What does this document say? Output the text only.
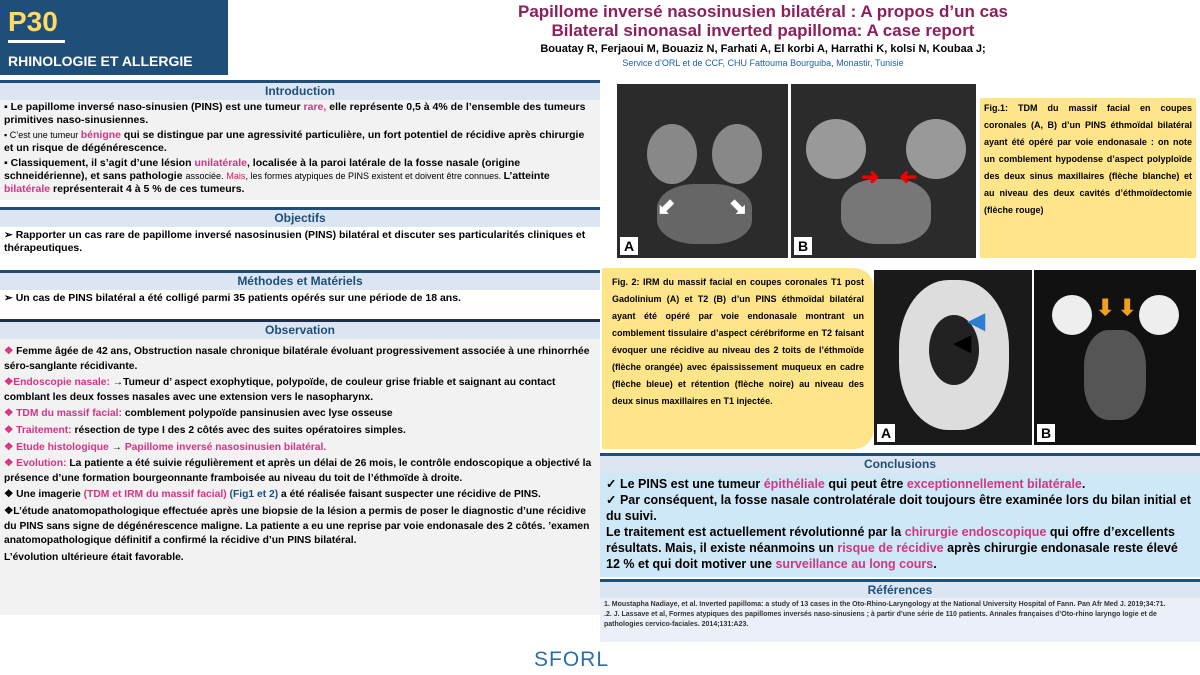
P30
RHINOLOGIE ET ALLERGIE
Papillome inversé nasosinusien bilatéral : A propos d’un cas
Bilateral sinonasal inverted papilloma: A case report
Bouatay R, Ferjaoui M, Bouaziz N, Farhati A, El korbi A, Harrathi K, kolsi N, Koubaa J;
Service d’ORL et de CCF, CHU Fattouma Bourguiba, Monastir, Tunisie
Introduction

▪ Le papillome inversé naso-sinusien (PINS) est une tumeur rare, elle représente 0,5 à 4% de l’ensemble des tumeurs primitives naso-sinusiennes.

▪ C’est une tumeur bénigne qui se distingue par une agressivité particulière, un fort potentiel de récidive après chirurgie et un risque de dégénérescence.

▪ Classiquement, il s’agit d’une lésion unilatérale, localisée à la paroi latérale de la fosse nasale (origine schneidérienne), et sans pathologie associée. Mais, les formes atypiques de PINS existent et doivent être connues. L’atteinte bilatérale représenterait 4 à 5 % de ces tumeurs.

Objectifs
➢ Rapporter un cas rare de papillome inversé nasosinusien (PINS) bilatéral et discuter ses particularités cliniques et thérapeutiques.
Méthodes et Matériels
➢ Un cas de PINS bilatéral a été colligé parmi 35 patients opérés sur une période de 18 ans.
Observation

❖ Femme âgée de 42 ans, Obstruction nasale chronique bilatérale évoluant progressivement associée à une rhinorrhée séro-sanglante récidivante.

❖Endoscopie nasale: →Tumeur d’ aspect exophytique, polypoïde, de couleur grise friable et saignant au contact comblant les deux fosses nasales avec une extension vers le nasopharynx.

❖ TDM du massif facial: comblement polypoïde pansinusien avec lyse osseuse

❖ Traitement: résection de type I des 2 côtés avec des suites opératoires simples.

❖ Etude histologique → Papillome inversé nasosinusien bilatéral.

❖ Evolution: La patiente a été suivie régulièrement et après un délai de 26 mois, le contrôle endoscopique a objectivé la présence d’une formation bourgeonnante framboisée au niveau du toit de l’éthmoïde à droite.

❖ Une imagerie (TDM et IRM du massif facial) (Fig1 et 2) a été réalisée faisant suspecter une récidive de PINS.

❖L’étude anatomopathologique effectuée après une biopsie de la lésion a permis de poser le diagnostic d’une récidive du PINS sans signe de dégénérescence maligne. La patiente a eu une reprise par voie endonasale des 2 côtés. ’examen anatomopathologique définitif a confirmé la récidive d’un PINS bilatéral.

L’évolution ultérieure était favorable.

⬋ ⬊
A
➜ ➜
B
Fig.1: TDM du massif facial en coupes coronales (A, B) d’un PINS éthmoïdal bilatéral ayant été opéré par voie endonasale : on note un comblement hypodense d’aspect polyploïde des deux sinus maxillaires (flèche blanche) et au niveau des deux cavités d’éthmoïdectomie (flèche rouge)
Fig. 2: IRM du massif facial en coupes coronales T1 post Gadolinium (A) et T2 (B) d’un PINS éthmoïdal bilatéral ayant été opéré par voie endonasale montrant un comblement tissulaire d’aspect cérébriforme en T2 faisant évoquer une récidive au niveau des 2 toits de l’éthmoïde (flèche orangée) avec épaississement muqueux en cadre (flèche bleue) et rétention (flèche noire) au niveau des deux sinus maxillaires en T1 injectée.
◀
◀
A
⬇ ⬇
B
Conclusions
✓ Le PINS est une tumeur épithéliale qui peut être exceptionnellement bilatérale.
✓ Par conséquent, la fosse nasale controlatérale doit toujours être examinée lors du bilan initial et du suivi.
Le traitement est actuellement révolutionné par la chirurgie endoscopique qui offre d’excellents résultats. Mais, il existe néanmoins un risque de récidive après chirurgie endonasale reste élevé 12 % et qui doit motiver une surveillance au long cours.
Références
1. Moustapha Nadiaye, et al. Inverted papilloma: a study of 13 cases in the Oto-Rhino-Laryngology at the National University Hospital of Fann. Pan Afr Med J. 2019;34:71.
.2. J. Lassave et al, Formes atypiques des papillomes inversés naso-sinusiens ; à partir d’une série de 110 patients. Annales françaises d’Oto-rhino laryngo logie et de pathologies cervico-faciales. 2014;131:A23.
SFORL
